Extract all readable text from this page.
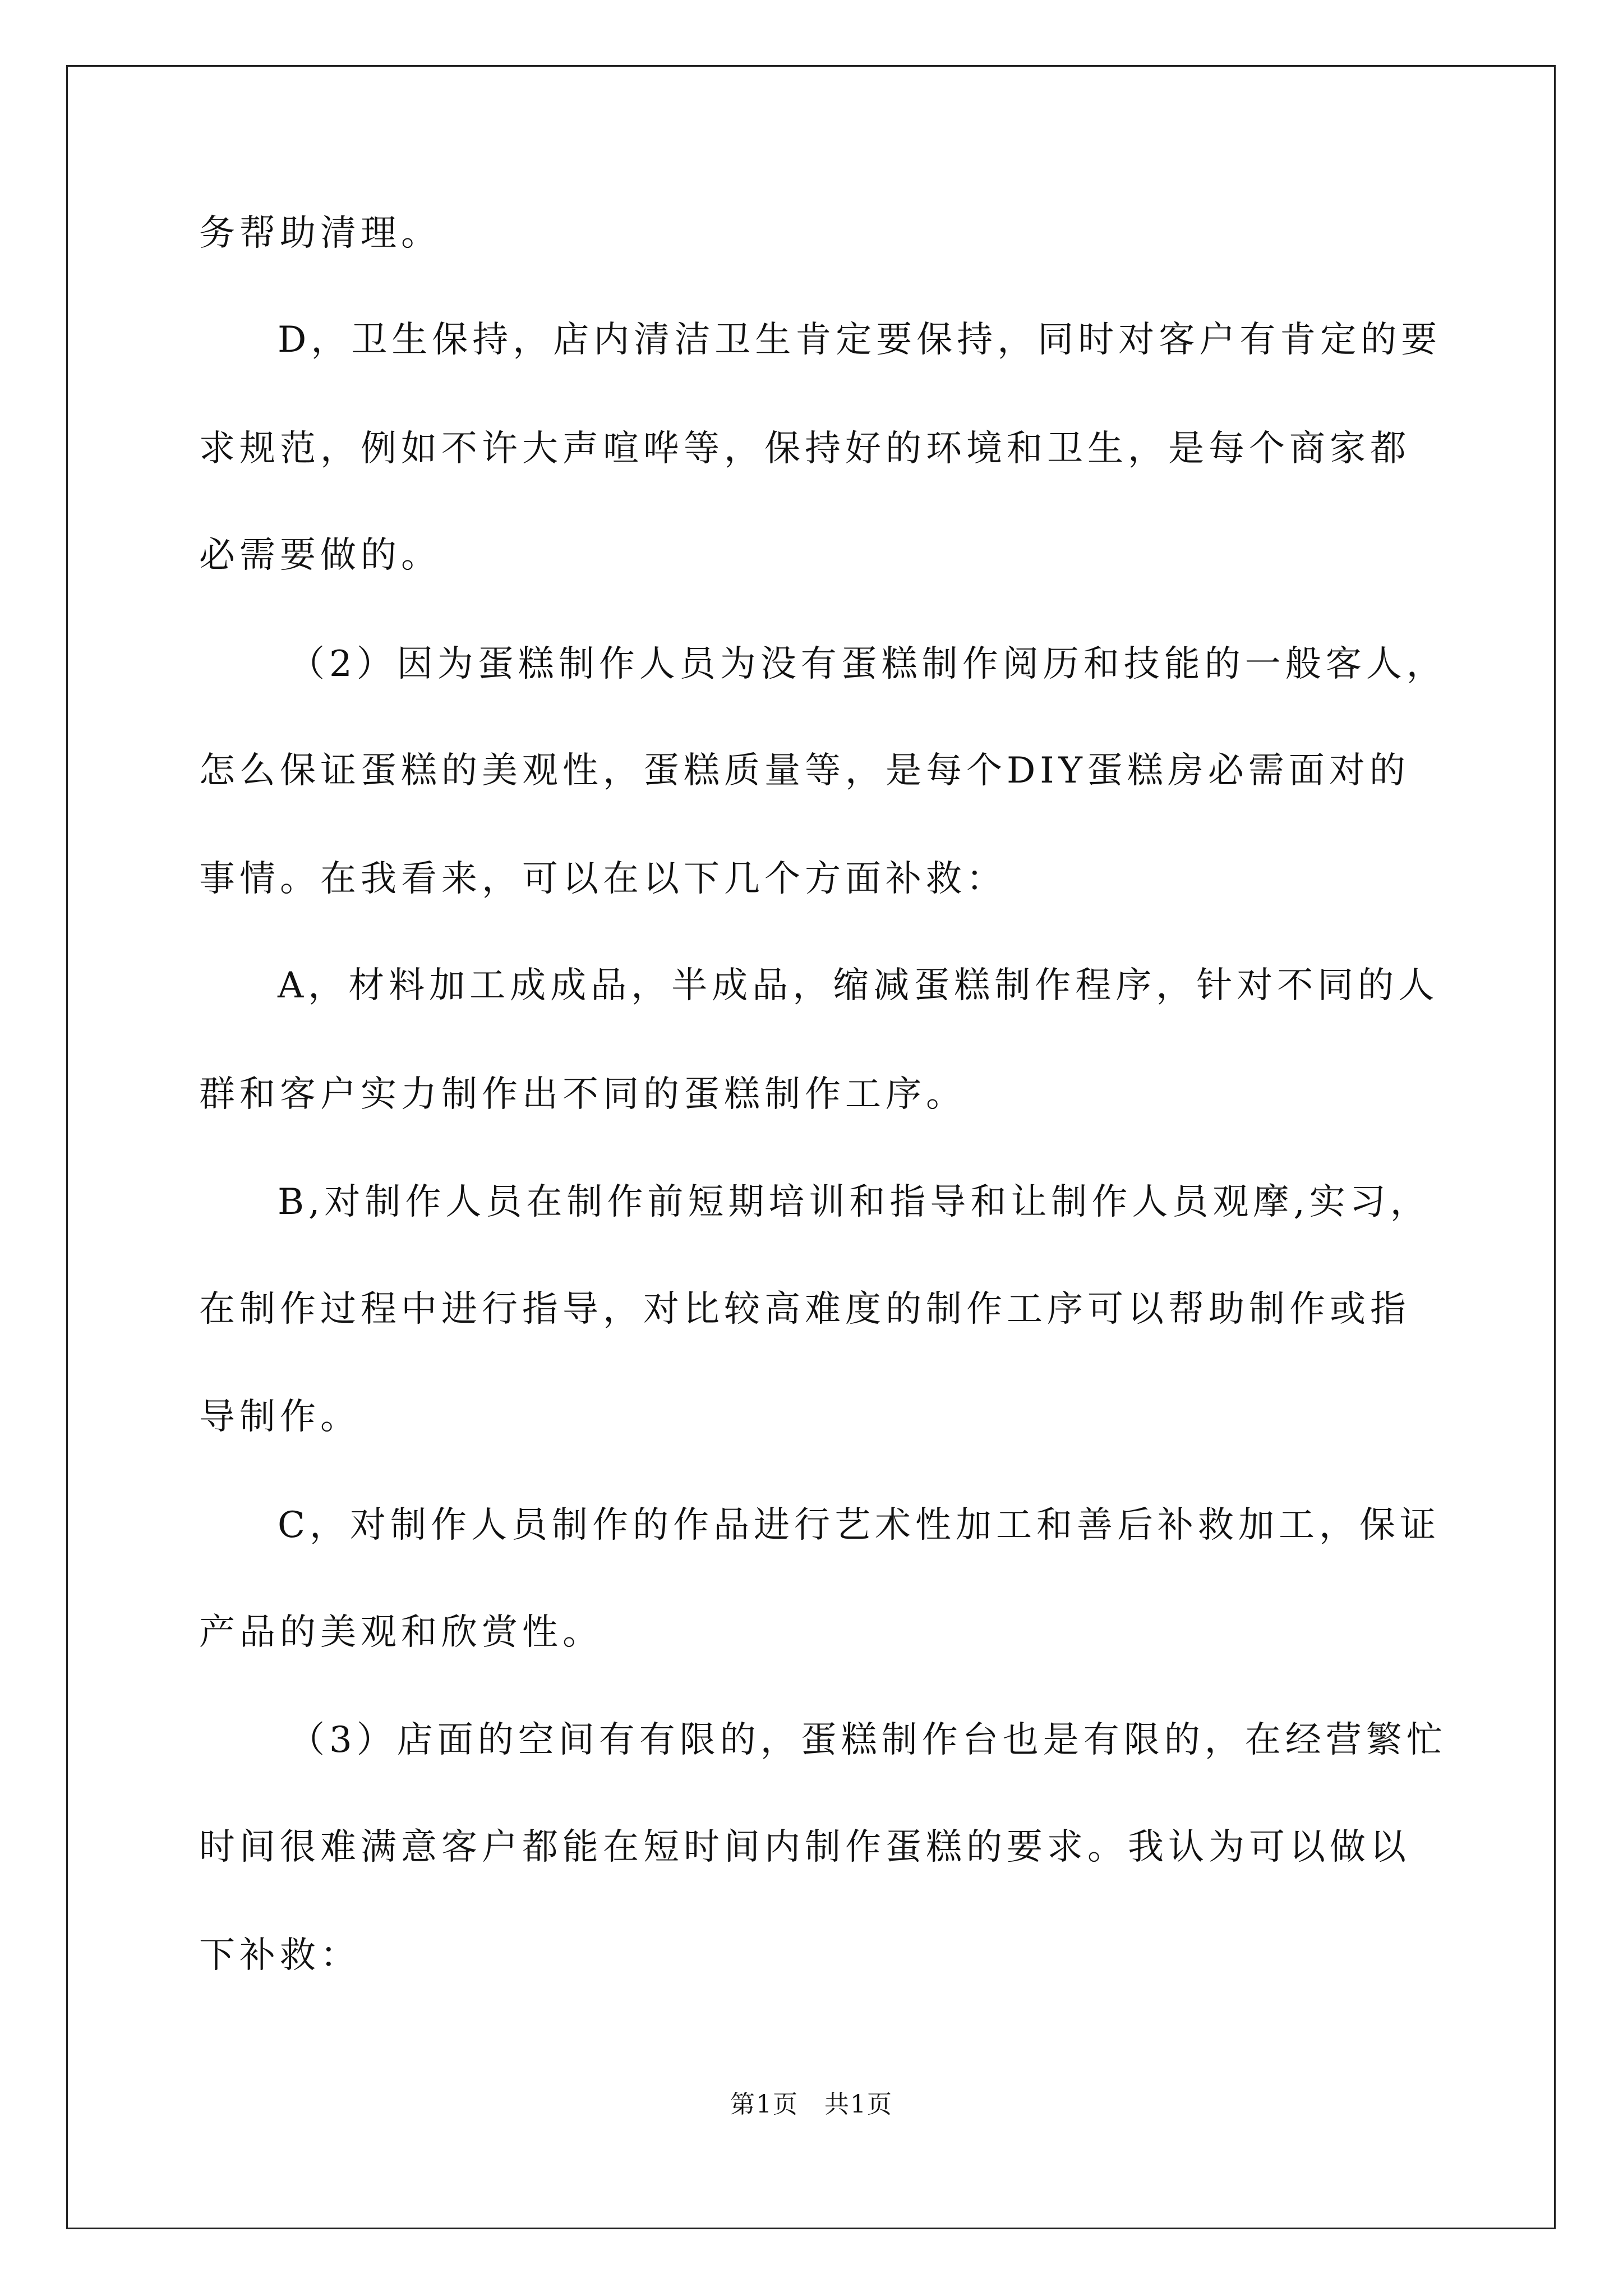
务帮助清理。
D，卫生保持，店内清洁卫生肯定要保持，同时对客户有肯定的要
求规范，例如不许大声喧哗等，保持好的环境和卫生，是每个商家都
必需要做的。
（2）因为蛋糕制作人员为没有蛋糕制作阅历和技能的一般客人，
怎么保证蛋糕的美观性，蛋糕质量等，是每个DIY蛋糕房必需面对的
事情。在我看来，可以在以下几个方面补救：
A，材料加工成成品，半成品，缩减蛋糕制作程序，针对不同的人
群和客户实力制作出不同的蛋糕制作工序。
B,对制作人员在制作前短期培训和指导和让制作人员观摩,实习，
在制作过程中进行指导，对比较高难度的制作工序可以帮助制作或指
导制作。
C，对制作人员制作的作品进行艺术性加工和善后补救加工，保证
产品的美观和欣赏性。
（3）店面的空间有有限的，蛋糕制作台也是有限的，在经营繁忙
时间很难满意客户都能在短时间内制作蛋糕的要求。我认为可以做以
下补救：
第1页　共1页
